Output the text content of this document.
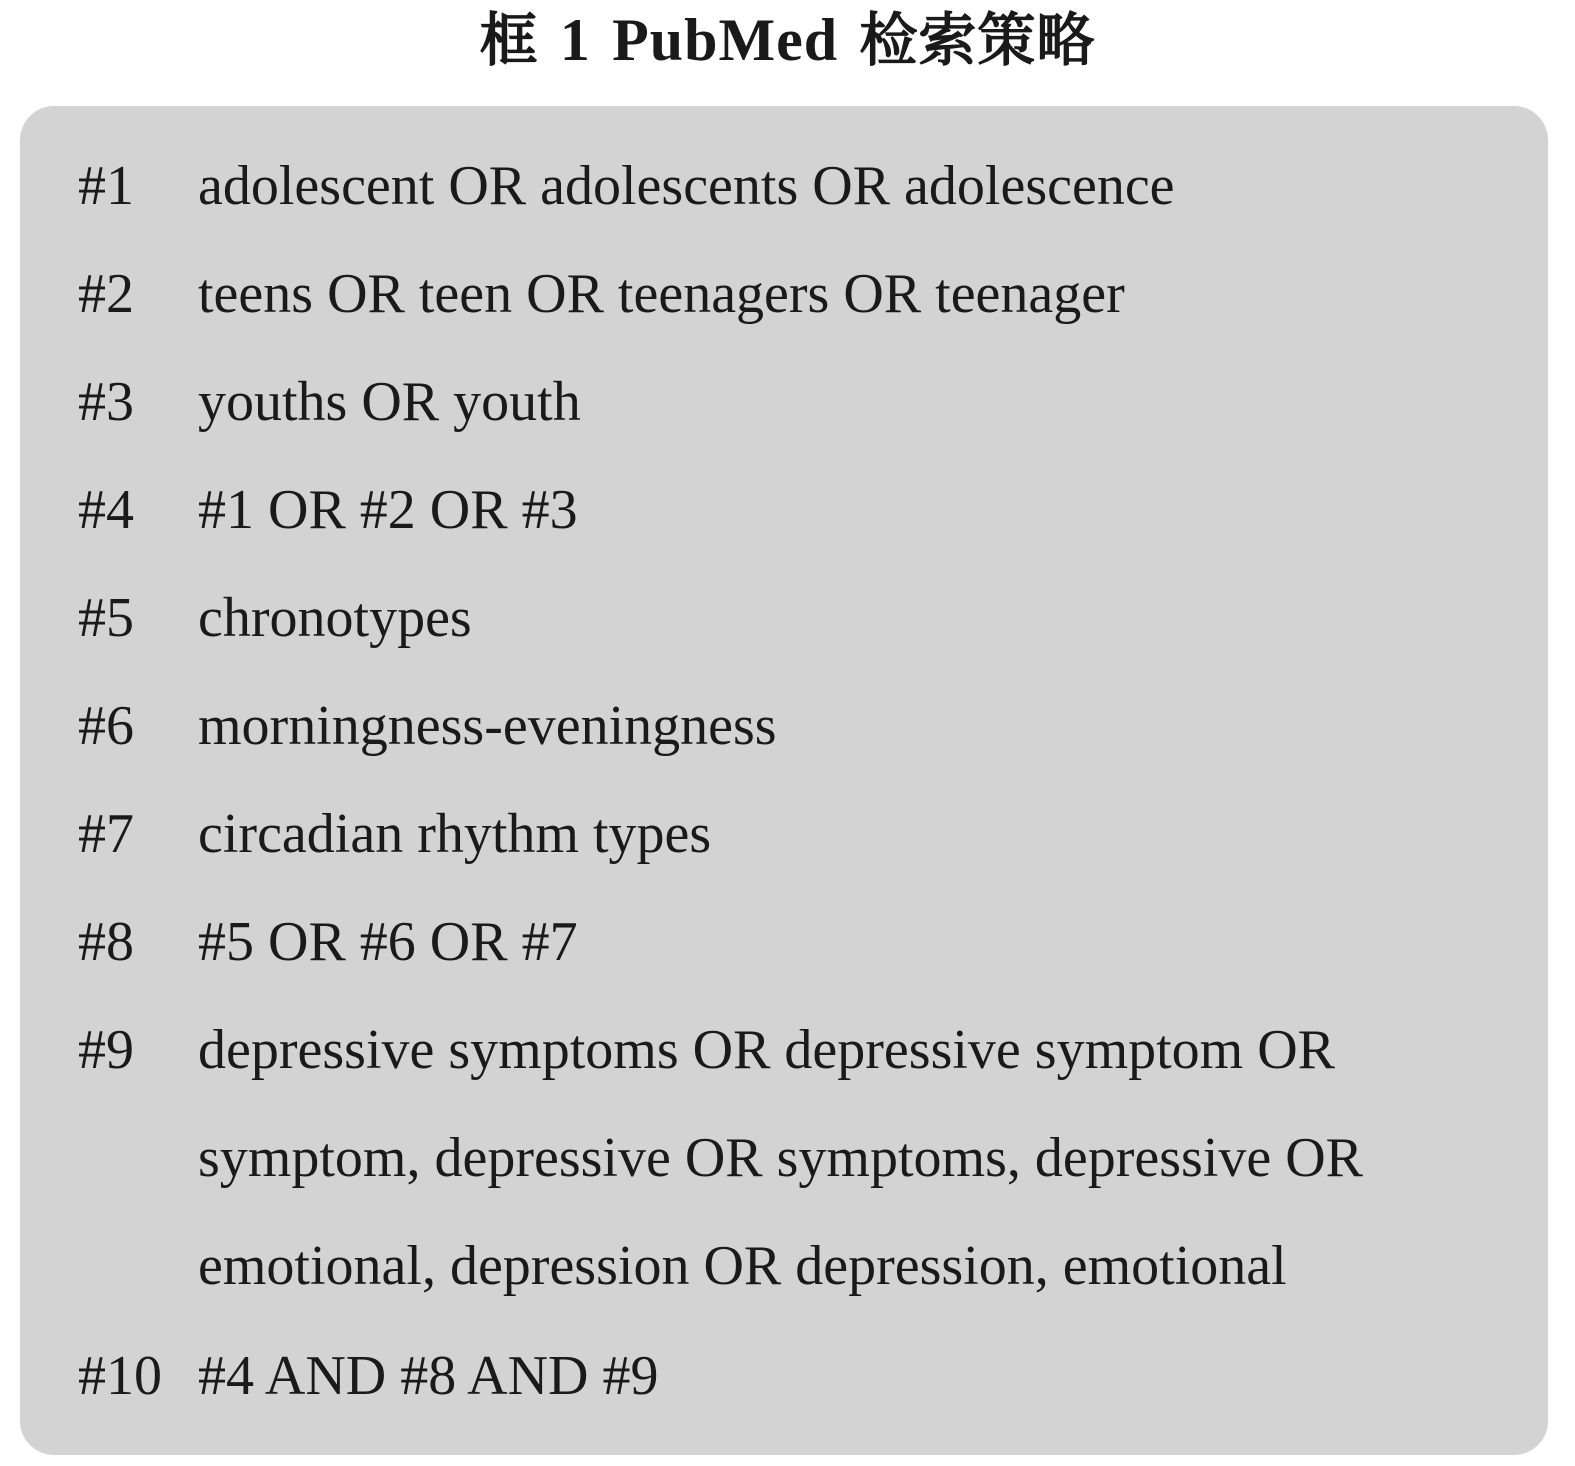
框 1 PubMed 检索策略
#1 adolescent OR adolescents OR adolescence
#2 teens OR teen OR teenagers OR teenager
#3 youths OR youth
#4 #1 OR #2 OR #3
#5 chronotypes
#6 morningness-eveningness
#7 circadian rhythm types
#8 #5 OR #6 OR #7
#9 depressive symptoms OR depressive symptom OR
symptom, depressive OR symptoms, depressive OR
emotional, depression OR depression, emotional
#10 #4 AND #8 AND #9
